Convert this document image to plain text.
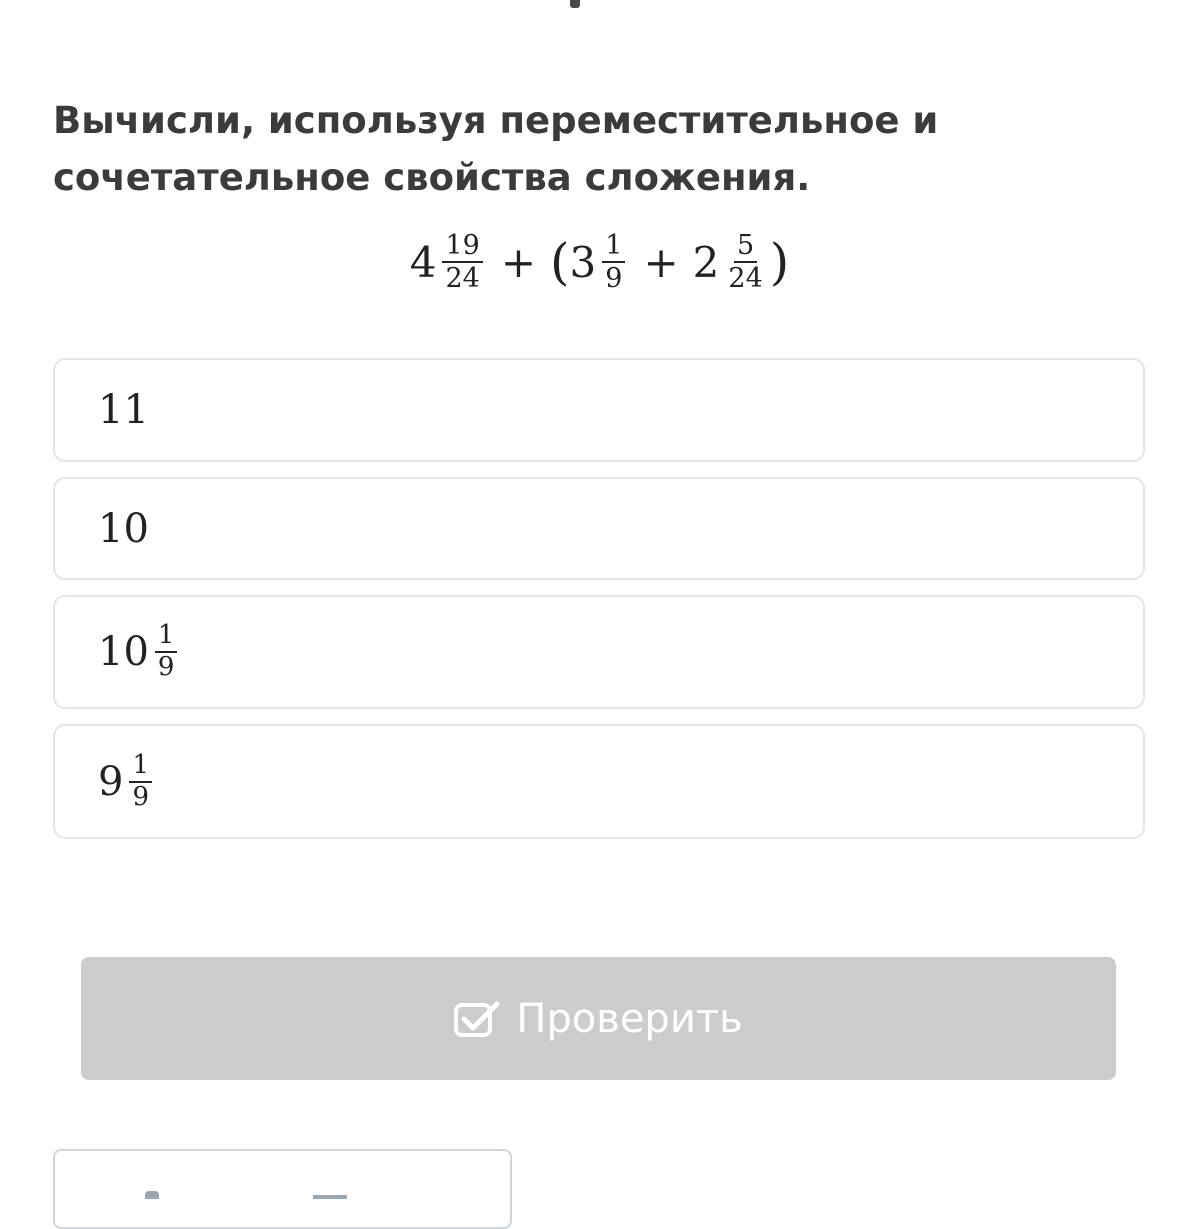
Вычисли, используя переместительное и сочетательное свойства сложения.
$4 \frac{19}{24}$ + ( $3 \frac{1}{9} + 2 \frac{5}{24}$ )
11
10
$10 \frac{1}{9}$
$9 \frac{1}{9}$
Проверить
